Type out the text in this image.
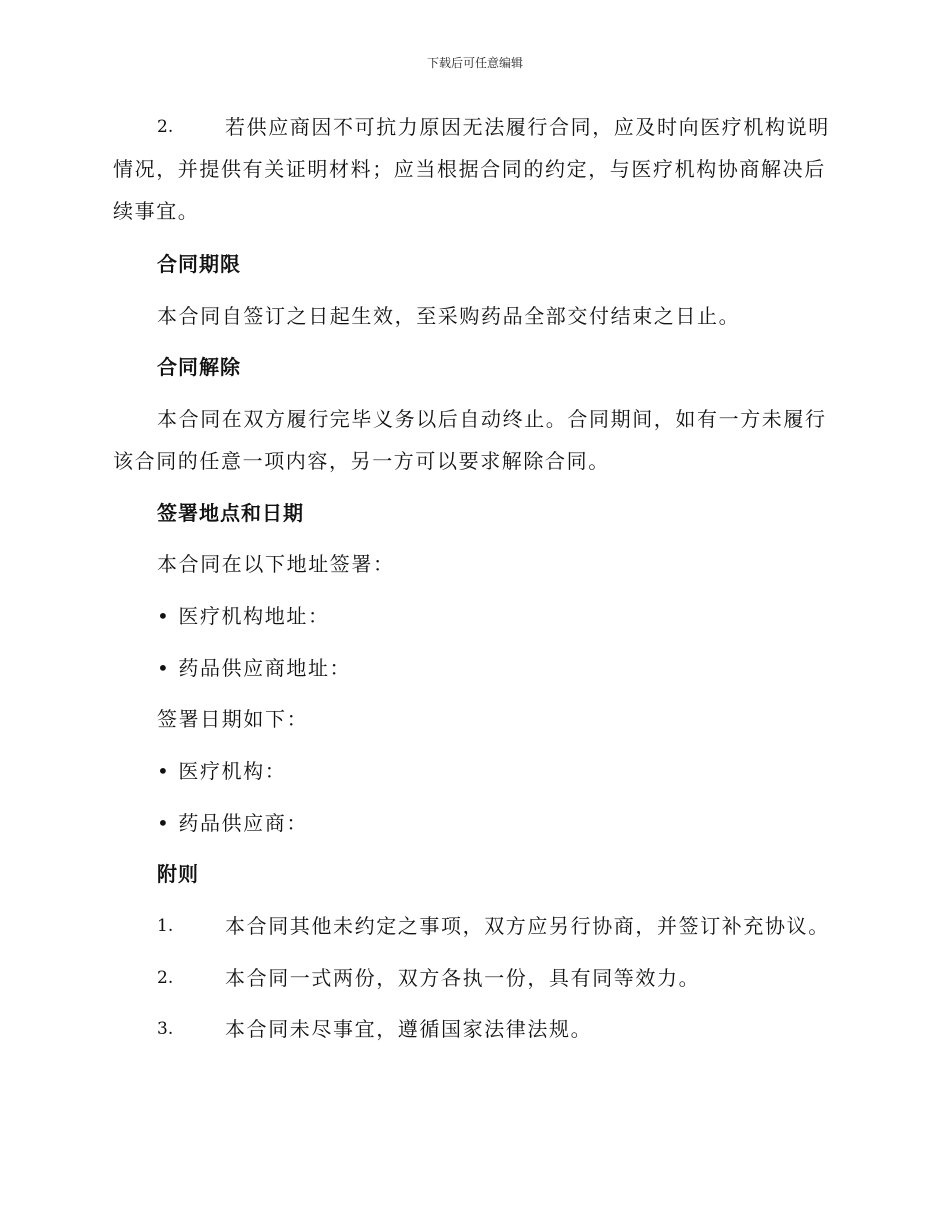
下载后可任意编辑
2.	若供应商因不可抗力原因无法履行合同，应及时向医疗机构说明
情况，并提供有关证明材料；应当根据合同的约定，与医疗机构协商解决后
续事宜。
合同期限
本合同自签订之日起生效，至采购药品全部交付结束之日止。
合同解除
本合同在双方履行完毕义务以后自动终止。合同期间，如有一方未履行
该合同的任意一项内容，另一方可以要求解除合同。
签署地点和日期
本合同在以下地址签署：
• 医疗机构地址：
• 药品供应商地址：
签署日期如下：
• 医疗机构：
• 药品供应商：
附则
1.	本合同其他未约定之事项，双方应另行协商，并签订补充协议。
2.	本合同一式两份，双方各执一份，具有同等效力。
3.	本合同未尽事宜，遵循国家法律法规。
